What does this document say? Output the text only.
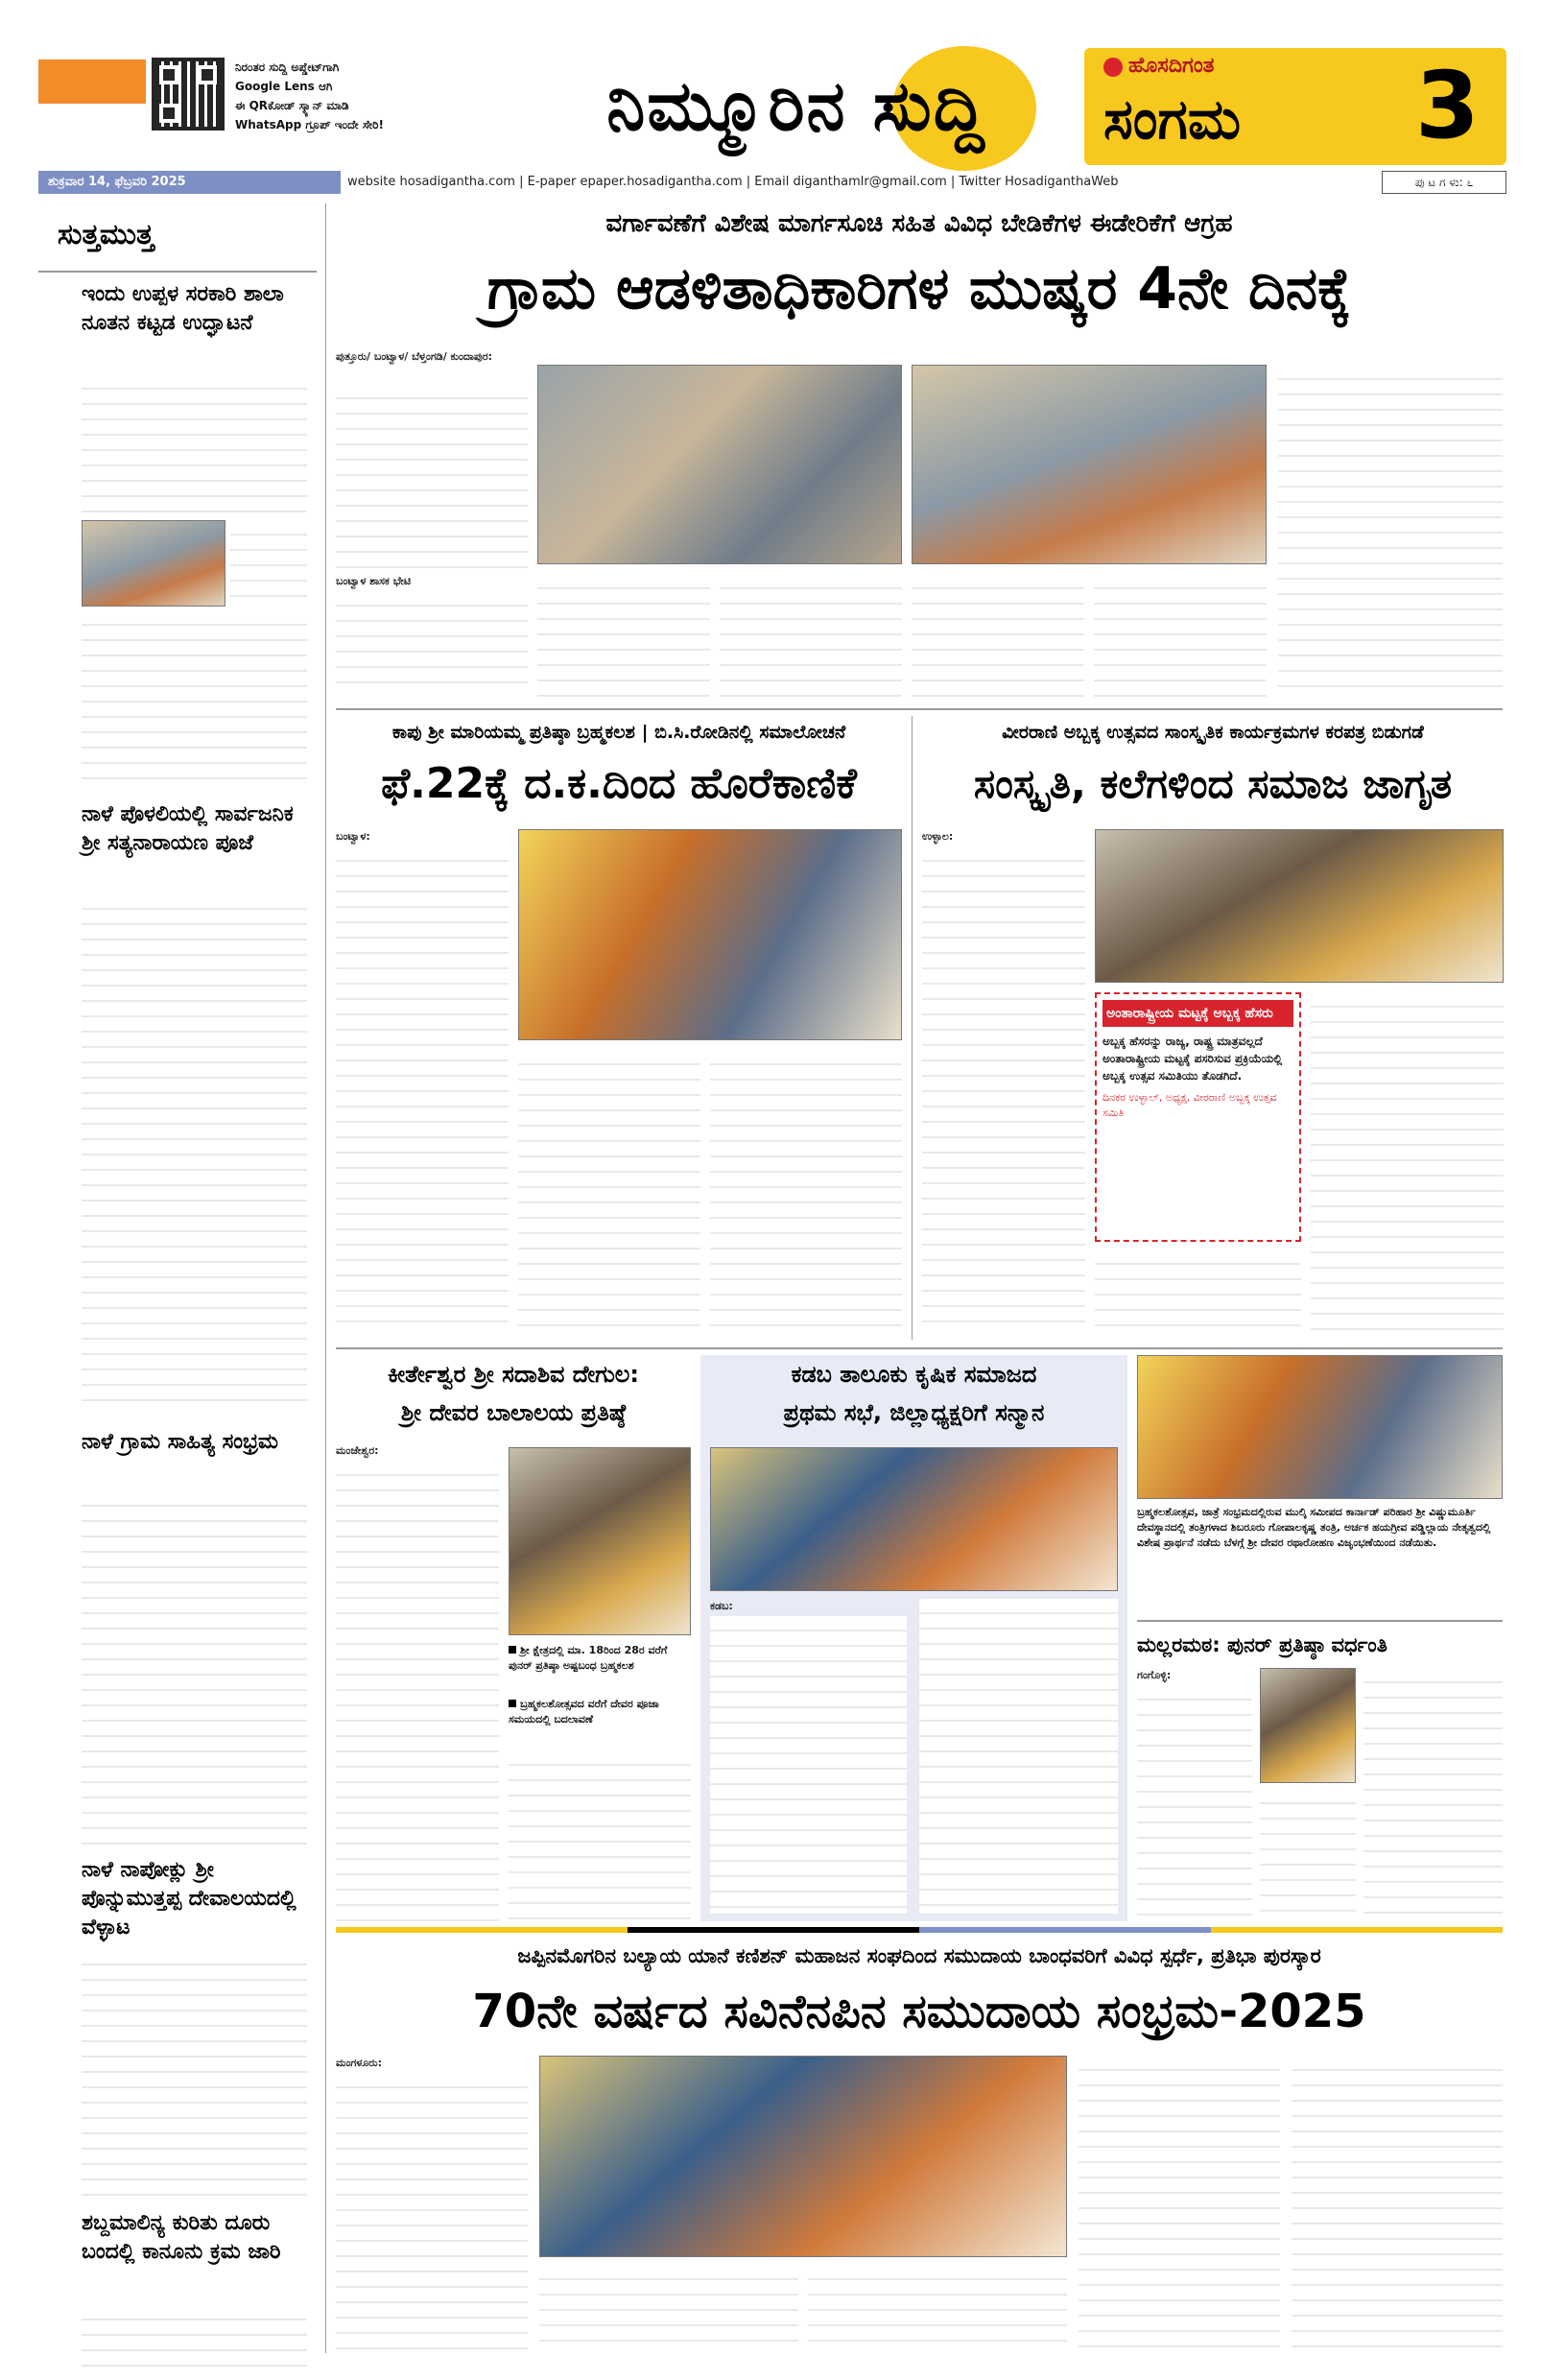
ನಿರಂತರ ಸುದ್ದಿ ಅಪ್ಡೇಟ್‌ಗಾಗಿ
Google Lens ಆಗಿ
ಈ QRಕೋಡ್‌ ಸ್ಕ್ಯಾನ್‌ ಮಾಡಿ
WhatsApp ಗ್ರೂಪ್‌ ಇಂದೇ ಸೇರಿ!	ನಿಮ್ಮೂರಿನ ಸುದ್ದಿ	ಹೊಸದಿಗಂತ
ಸಂಗಮ 3
ಶುಕ್ರವಾರ 14, ಫೆಬ್ರವರಿ 2025	website hosadigantha.com | E-paper epaper.hosadigantha.com | Email diganthamlr@gmail.com | Twitter HosadiganthaWeb	ಪು ಟ ಗ ಳು: ೬
ಸುತ್ತಮುತ್ತ
ಇಂದು ಉಪ್ಪಳ ಸರಕಾರಿ ಶಾಲಾ ನೂತನ ಕಟ್ಟಡ ಉದ್ಘಾಟನೆ
ನಾಳೆ ಪೊಳಲಿಯಲ್ಲಿ ಸಾರ್ವಜನಿಕ ಶ್ರೀ ಸತ್ಯನಾರಾಯಣ ಪೂಜೆ
ನಾಳೆ ಗ್ರಾಮ ಸಾಹಿತ್ಯ ಸಂಭ್ರಮ
ನಾಳೆ ನಾಪೋಕ್ಲು ಶ್ರೀ ಪೊನ್ನುಮುತ್ತಪ್ಪ ದೇವಾಲಯದಲ್ಲಿ ವೆಳ್ಳಾಟ
ಶಬ್ದಮಾಲಿನ್ಯ ಕುರಿತು ದೂರು ಬಂದಲ್ಲಿ ಕಾನೂನು ಕ್ರಮ ಜಾರಿ
ವರ್ಗಾವಣೆಗೆ ವಿಶೇಷ ಮಾರ್ಗಸೂಚಿ ಸಹಿತ ವಿವಿಧ ಬೇಡಿಕೆಗಳ ಈಡೇರಿಕೆಗೆ ಆಗ್ರಹ
ಗ್ರಾಮ ಆಡಳಿತಾಧಿಕಾರಿಗಳ ಮುಷ್ಕರ 4ನೇ ದಿನಕ್ಕೆ
ಪುತ್ತೂರು/ ಬಂಟ್ವಾಳ/ ಬೆಳ್ತಂಗಡಿ/ ಕುಂದಾಪುರ:
ಬಂಟ್ವಾಳ ಶಾಸಕ ಭೇಟಿ
ಕಾಪು ಶ್ರೀ ಮಾರಿಯಮ್ಮ ಪ್ರತಿಷ್ಠಾ ಬ್ರಹ್ಮಕಲಶ | ಬಿ.ಸಿ.ರೋಡಿನಲ್ಲಿ ಸಮಾಲೋಚನೆ
ಫೆ.22ಕ್ಕೆ ದ.ಕ.ದಿಂದ ಹೊರೆಕಾಣಿಕೆ
ಬಂಟ್ವಾಳ:
ವೀರರಾಣಿ ಅಬ್ಬಕ್ಕ ಉತ್ಸವದ ಸಾಂಸ್ಕೃತಿಕ ಕಾರ್ಯಕ್ರಮಗಳ ಕರಪತ್ರ ಬಿಡುಗಡೆ
ಸಂಸ್ಕೃತಿ, ಕಲೆಗಳಿಂದ ಸಮಾಜ ಜಾಗೃತ
ಉಳ್ಳಾಲ:
ಅಂತಾರಾಷ್ಟ್ರೀಯ ಮಟ್ಟಕ್ಕೆ ಅಬ್ಬಕ್ಕ ಹೆಸರು
ಅಬ್ಬಕ್ಕ ಹೆಸರನ್ನು ರಾಜ್ಯ, ರಾಷ್ಟ್ರ ಮಾತ್ರವಲ್ಲದೆ ಅಂತಾರಾಷ್ಟ್ರೀಯ ಮಟ್ಟಕ್ಕೆ ಪಸರಿಸುವ ಪ್ರಕ್ರಿಯೆಯಲ್ಲಿ ಅಬ್ಬಕ್ಕ ಉತ್ಸವ ಸಮಿತಿಯು ತೊಡಗಿದೆ.
ದಿನಕರ ಉಳ್ಳಾಲ್, ಅಧ್ಯಕ್ಷ, ವೀರರಾಣಿ ಅಬ್ಬಕ್ಕ ಉತ್ಸವ ಸಮಿತಿ
ಕೀರ್ತೇಶ್ವರ ಶ್ರೀ ಸದಾಶಿವ ದೇಗುಲ:
ಶ್ರೀ ದೇವರ ಬಾಲಾಲಯ ಪ್ರತಿಷ್ಠೆ
ಮಂಜೇಶ್ವರ:
ಶ್ರೀ ಕ್ಷೇತ್ರದಲ್ಲಿ ಮಾ. 18ರಿಂದ 28ರ ವರೆಗೆ ಪುನರ್ ಪ್ರತಿಷ್ಠಾ ಅಷ್ಟಬಂಧ ಬ್ರಹ್ಮಕಲಶ
ಬ್ರಹ್ಮಕಲಶೋತ್ಸವದ ವರೆಗೆ ದೇವರ ಪೂಜಾ ಸಮಯದಲ್ಲಿ ಬದಲಾವಣೆ
ಕಡಬ ತಾಲೂಕು ಕೃಷಿಕ ಸಮಾಜದ
ಪ್ರಥಮ ಸಭೆ, ಜಿಲ್ಲಾಧ್ಯಕ್ಷರಿಗೆ ಸನ್ಮಾನ
ಕಡಬ:
ಬ್ರಹ್ಮಕಲಶೋತ್ಸವ, ಜಾತ್ರೆ ಸಂಭ್ರಮದಲ್ಲಿರುವ ಮುಲ್ಕಿ ಸಮೀಪದ ಕಾರ್ನಾಡ್ ಪರಿಹಾರ ಶ್ರೀ ವಿಷ್ಣುಮೂರ್ತಿ ದೇವಸ್ಥಾನದಲ್ಲಿ ತಂತ್ರಿಗಳಾದ ಶಿಬರೂರು ಗೋಪಾಲಕೃಷ್ಣ ತಂತ್ರಿ, ಅರ್ಚಕ ಹಯಗ್ರೀವ ಪಡ್ಡಿಲ್ಲಾಯ ನೇತೃತ್ವದಲ್ಲಿ ವಿಶೇಷ ಪ್ರಾರ್ಥನೆ ನಡೆದು ಬೆಳಗ್ಗೆ ಶ್ರೀ ದೇವರ ರಥಾರೋಹಣ ವಿಜೃಂಭಣೆಯಿಂದ ನಡೆಯಿತು.
ಮಲ್ಲರಮಠ: ಪುನರ್ ಪ್ರತಿಷ್ಠಾ ವರ್ಧಂತಿ
ಗಂಗೊಳ್ಳಿ:
ಜಪ್ಪಿನಮೊಗರಿನ ಬಲ್ಯಾಯ ಯಾನೆ ಕಣಿಶನ್ ಮಹಾಜನ ಸಂಘದಿಂದ ಸಮುದಾಯ ಬಾಂಧವರಿಗೆ ವಿವಿಧ ಸ್ಪರ್ಧೆ, ಪ್ರತಿಭಾ ಪುರಸ್ಕಾರ
70ನೇ ವರ್ಷದ ಸವಿನೆನಪಿನ ಸಮುದಾಯ ಸಂಭ್ರಮ-2025
ಮಂಗಳೂರು:
